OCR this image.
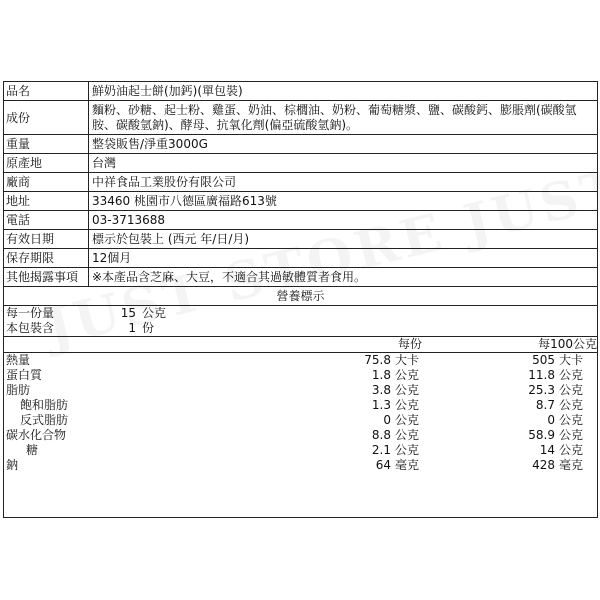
品名	鮮奶油起士餅(加鈣)(單包裝)
成份	麵粉、砂糖、起士粉、雞蛋、奶油、棕櫚油、奶粉、葡萄糖漿、鹽、碳酸鈣、膨脹劑(碳酸氫胺、碳酸氫鈉)、酵母、抗氧化劑(偏亞硫酸氫鈉)。
重量	整袋販售/淨重3000G
原產地	台灣
廠商	中祥食品工業股份有限公司
地址	33460 桃園市八德區廣福路613號
電話	03-3713688
有效日期	標示於包裝上 (西元 年/日/月)
保存期限	12個月
其他揭露事項	※本產品含芝麻、大豆，不適合其過敏體質者食用。
營養標示
每一份量	15 公克
本包裝含	1 份
每份	每100公克
熱量	75.8 大卡	505 大卡
蛋白質	1.8 公克	11.8 公克
脂肪	3.8 公克	25.3 公克
飽和脂肪	1.3 公克	8.7 公克
反式脂肪	0 公克	0 公克
碳水化合物	8.8 公克	58.9 公克
糖	2.1 公克	14 公克
鈉	64 毫克	428 毫克
